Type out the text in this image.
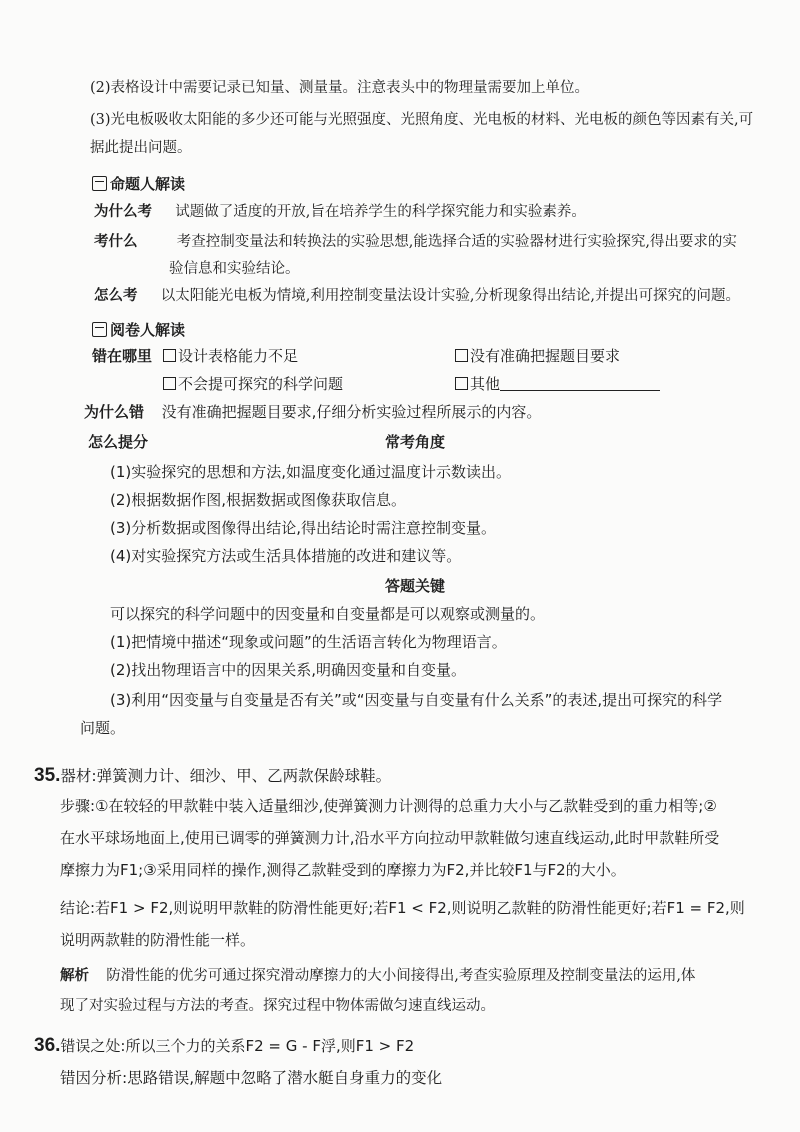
(2)表格设计中需要记录已知量、测量量。注意表头中的物理量需要加上单位。
(3)光电板吸收太阳能的多少还可能与光照强度、光照角度、光电板的材料、光电板的颜色等因素有关,可
据此提出问题。
命题人解读
为什么考 试题做了适度的开放,旨在培养学生的科学探究能力和实验素养。
考什么	考查控制变量法和转换法的实验思想,能选择合适的实验器材进行实验探究,得出要求的实
验信息和实验结论。
怎么考 以太阳能光电板为情境,利用控制变量法设计实验,分析现象得出结论,并提出可探究的问题。
阅卷人解读
错在哪里	设计表格能力不足	没有准确把握题目要求
不会提可探究的科学问题	其他
为什么错 没有准确把握题目要求,仔细分析实验过程所展示的内容。
怎么提分	常考角度
(1)实验探究的思想和方法,如温度变化通过温度计示数读出。
(2)根据数据作图,根据数据或图像获取信息。
(3)分析数据或图像得出结论,得出结论时需注意控制变量。
(4)对实验探究方法或生活具体措施的改进和建议等。
答题关键
可以探究的科学问题中的因变量和自变量都是可以观察或测量的。
(1)把情境中描述“现象或问题”的生活语言转化为物理语言。
(2)找出物理语言中的因果关系,明确因变量和自变量。
(3)利用“因变量与自变量是否有关”或“因变量与自变量有什么关系”的表述,提出可探究的科学
问题。
35.器材:弹簧测力计、细沙、甲、乙两款保龄球鞋。
步骤:①在较轻的甲款鞋中装入适量细沙,使弹簧测力计测得的总重力大小与乙款鞋受到的重力相等;②
在水平球场地面上,使用已调零的弹簧测力计,沿水平方向拉动甲款鞋做匀速直线运动,此时甲款鞋所受
摩擦力为F1;③采用同样的操作,测得乙款鞋受到的摩擦力为F2,并比较F1与F2的大小。
结论:若F1 > F2,则说明甲款鞋的防滑性能更好;若F1 < F2,则说明乙款鞋的防滑性能更好;若F1 = F2,则
说明两款鞋的防滑性能一样。
解析 防滑性能的优劣可通过探究滑动摩擦力的大小间接得出,考查实验原理及控制变量法的运用,体
现了对实验过程与方法的考查。探究过程中物体需做匀速直线运动。
36.错误之处:所以三个力的关系F2 = G - F浮,则F1 > F2
错因分析:思路错误,解题中忽略了潜水艇自身重力的变化
